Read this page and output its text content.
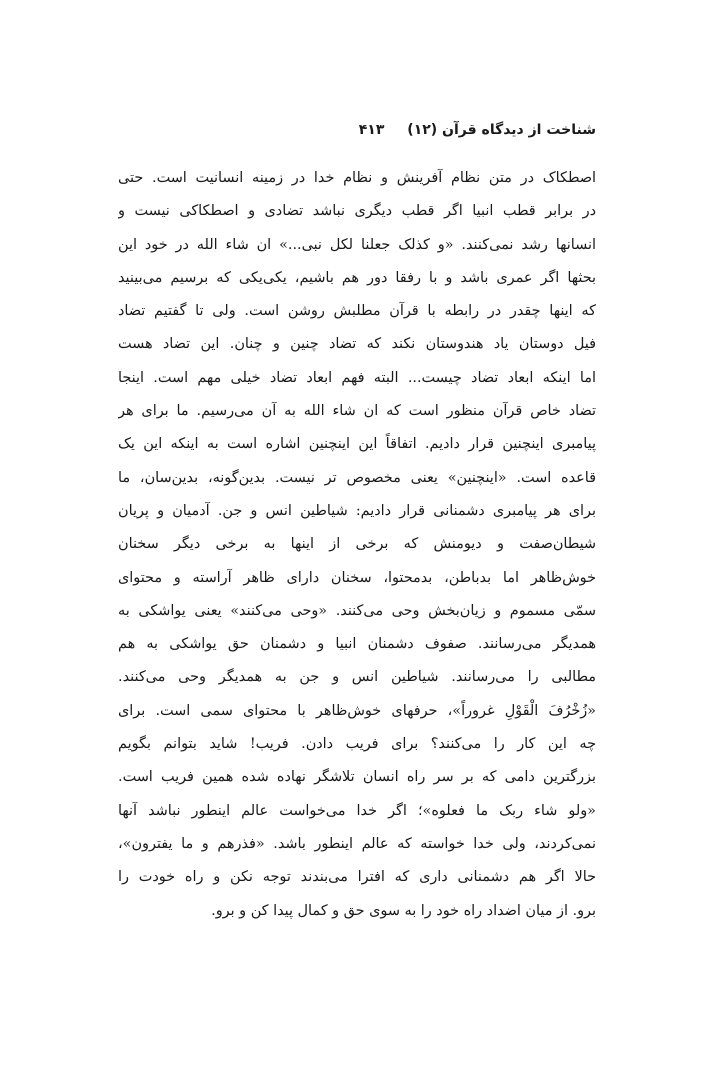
شناخت از دیدگاه قرآن (۱۲) ۴۱۳
اصطکاک در متن نظام آفرینش و نظام خدا در زمینه انسانیت است. حتی
در برابر قطب انبیا اگر قطب دیگری نباشد تضادی و اصطکاکی نیست و
انسانها رشد نمی‌کنند. «و کذلک جعلنا لکل نبی...» ان شاء الله در خود این
بحثها اگر عمری باشد و با رفقا دور هم باشیم، یکی‌یکی که برسیم می‌بینید
که اینها چقدر در رابطه با قرآن مطلبش روشن است. ولی تا گفتیم تضاد
فیل دوستان یاد هندوستان نکند که تضاد چنین و چنان. این تضاد هست
اما اینکه ابعاد تضاد چیست... البته فهم ابعاد تضاد خیلی مهم است. اینجا
تضاد خاص قرآن منظور است که ان شاء الله به آن می‌رسیم. ما برای هر
پیامبری اینچنین قرار دادیم. اتفاقاً این اینچنین اشاره است به اینکه این یک
قاعده است. «اینچنین» یعنی مخصوص تر نیست. بدین‌گونه، بدین‌سان، ما
برای هر پیامبری دشمنانی قرار دادیم: شیاطین انس و جن. آدمیان و پریان
شیطان‌صفت و دیومنش که برخی از اینها به برخی دیگر سخنان
خوش‌ظاهر اما بدباطن، بدمحتوا، سخنان دارای ظاهر آراسته و محتوای
سمّی مسموم و زیان‌بخش وحی می‌کنند. «وحی می‌کنند» یعنی یواشکی به
همدیگر می‌رسانند. صفوف دشمنان انبیا و دشمنان حق یواشکی به هم
مطالبی را می‌رسانند. شیاطین انس و جن به همدیگر وحی می‌کنند.
«زُخْرُفَ الْقَوْلِ غروراً»، حرفهای خوش‌ظاهر با محتوای سمی است. برای
چه این کار را می‌کنند؟ برای فریب دادن. فریب! شاید بتوانم بگویم
بزرگترین دامی که بر سر راه انسان تلاشگر نهاده شده همین فریب است.
«ولو شاء ربک ما فعلوه»؛ اگر خدا می‌خواست عالم اینطور نباشد آنها
نمی‌کردند، ولی خدا خواسته که عالم اینطور باشد. «فذرهم و ما یفترون»،
حالا اگر هم دشمنانی داری که افترا می‌بندند توجه نکن و راه خودت را
برو. از میان اضداد راه خود را به سوی حق و کمال پیدا کن و برو.
